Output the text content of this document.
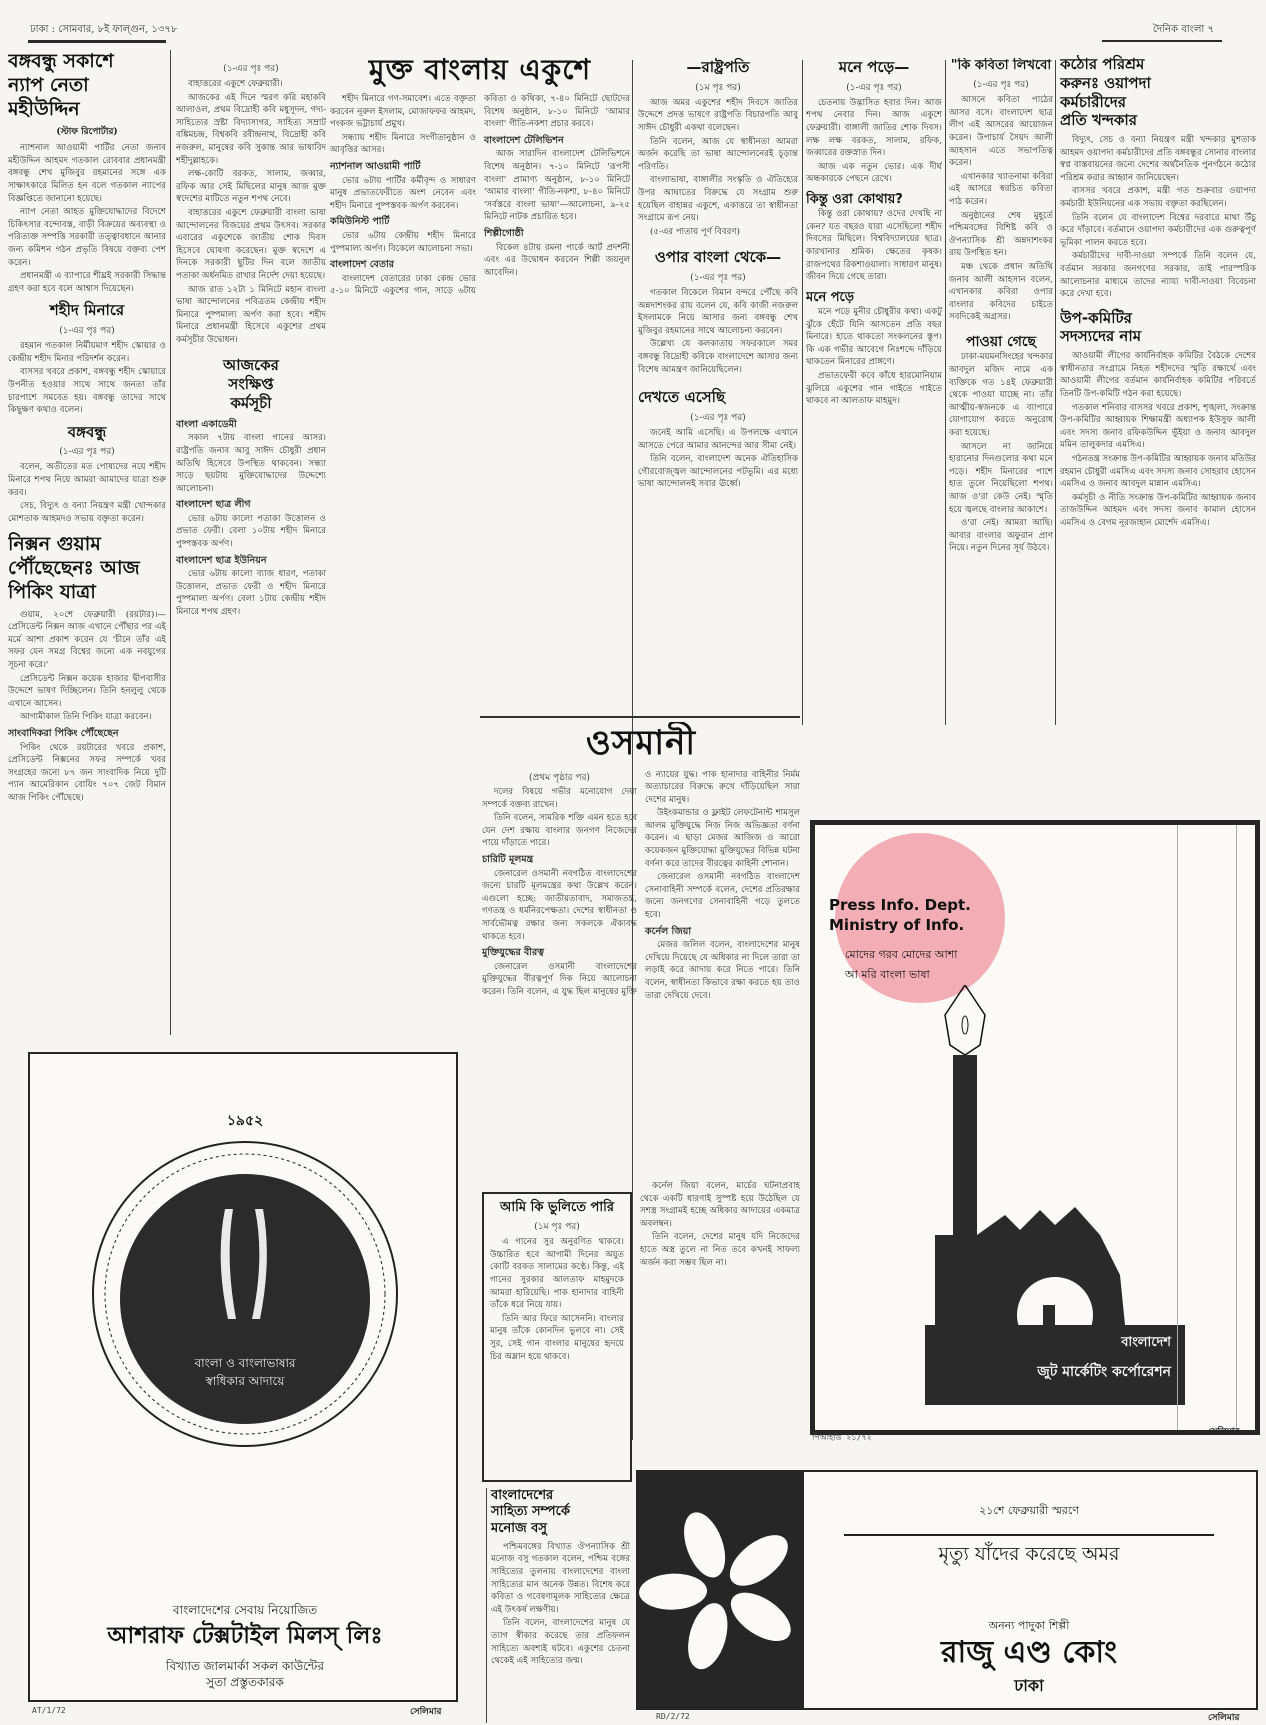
ঢাকা : সোমবার, ৮ই ফাল্গুন, ১৩৭৮	দৈনিক বাংলা ৭
বঙ্গবন্ধু সকাশে
ন্যাপ নেতা
মহীউদ্দিন
(স্টাফ রিপোর্টার)

ন্যাশনাল আওয়ামী পার্টির নেতা জনাব মহীউদ্দিন আহমদ গতকাল রোববার প্রধানমন্ত্রী বঙ্গবন্ধু শেখ মুজিবুর রহমানের সঙ্গে এক সাক্ষাৎকারে মিলিত হন বলে গতকাল ন্যাপের বিজ্ঞপ্তিতে জানানো হয়েছে।

ন্যাপ নেতা আহত মুক্তিযোদ্ধাদের বিদেশে চিকিৎসার বন্দোবস্ত, বাড়ী বিক্রয়ের অব্যবস্থা ও পরিত্যক্ত সম্পত্তি সরকারী তত্ত্বাবধানে আনার জন্য কমিশন গঠন প্রভৃতি বিষয়ে বক্তব্য পেশ করেন।

প্রধানমন্ত্রী এ ব্যাপারে শীঘ্রই সরকারী সিদ্ধান্ত গ্রহণ করা হবে বলে আশ্বাস দিয়েছেন।

শহীদ মিনারে
(১-এর পৃঃ পর)

রহমান গতকাল নির্মীয়মাণ শহীদ স্কোয়ার ও কেন্দ্রীয় শহীদ মিনার পরিদর্শন করেন।

বাসসর খবরে প্রকাশ, বঙ্গবন্ধু শহীদ স্কোয়ারে উপনীত হওয়ার সাথে সাথে জনতা তাঁর চারপাশে সমবেত হয়। বঙ্গবন্ধু তাদের সাথে কিছুক্ষণ কথাও বলেন।

বঙ্গবন্ধু
(১-এর পৃঃ পর)

বলেন, অতীতের মত পোষ্যদের নয়ে শহীদ মিনারে শপথ নিয়ে আমরা আমাদের যাত্রা শুরু করব।

সেচ, বিদ্যুৎ ও বন্যা নিয়ন্ত্রণ মন্ত্রী খোন্দকার মোশতাক আহমদও সভায় বক্তৃতা করেন।

নিক্সন গুয়াম
পৌঁছেছেনঃ আজ
পিকিং যাত্রা

গুয়াম, ২০শে ফেব্রুয়ারী (রয়টার)।— প্রেসিডেন্ট নিক্সন আজ এখানে পৌঁছার পর এই মর্মে আশা প্রকাশ করেন যে 'চীনে তাঁর এই সফর যেন সমগ্র বিশ্বের জন্যে এক নবযুগের সূচনা করে।'

প্রেসিডেন্ট নিক্সন কয়েক হাজার দ্বীপবাসীর উদ্দেশে ভাষণ দিচ্ছিলেন। তিনি হনলুলু থেকে এখানে আসেন।

আগামীকাল তিনি পিকিং যাত্রা করবেন।

সাংবাদিকরা পিকিং পৌঁছেছেন

পিকিং থেকে রয়টারের খবরে প্রকাশ, প্রেসিডেন্ট নিক্সনের সফর সম্পর্কে খবর সংগ্রহের জন্যে ৮৭ জন সাংবাদিক নিয়ে দুটি প্যান আমেরিকান বোয়িং ৭০৭ জেট বিমান আজ পিকিং পৌঁছেছে।

(১-এর পৃঃ পর)

বাহাত্তরের একুশে ফেব্রুয়ারী।

আজকের এই দিনে স্মরণ করি মহাকবি আলাওল, প্রথম বিদ্রোহী কবি মধুসূদন, গদ্য-সাহিত্যের স্রষ্টা বিদ্যাসাগর, সাহিত্য সম্রাট বঙ্কিমচন্দ্র, বিশ্বকবি রবীন্দ্রনাথ, বিদ্রোহী কবি নজরুল, মানুষের কবি সুকান্ত আর ভাষাবিদ শহীদুল্লাহকে।

লক্ষ-কোটি বরকত, সালাম, জব্বার, রফিক আর সেই মিছিলের মানুষ আজ মুক্ত স্বদেশের মাটিতে নতুন শপথ নেবে।

বাহাত্তরের একুশে ফেব্রুয়ারী বাংলা ভাষা আন্দোলনের বিজয়ের প্রথম উৎসব। সরকার এবারের একুশেকে জাতীয় শোক দিবস হিসেবে ঘোষণা করেছেন। মুক্ত স্বদেশে এ দিনকে সরকারী ছুটির দিন বলে জাতীয় পতাকা অর্ধনমিত রাখার নির্দেশ দেয়া হয়েছে।

আজ রাত ১২টা ১ মিনিটে মহান বাংলা ভাষা আন্দোলনের পবিত্রতম কেন্দ্রীয় শহীদ মিনারে পুষ্পমাল্য অর্পণ করা হবে। শহীদ মিনারে প্রধানমন্ত্রী হিসেবে একুশের প্রথম কর্মসূচীর উদ্বোধন।

আজকের
সংক্ষিপ্ত
কর্মসূচী
বাংলা একাডেমী

সকাল ৭টায় বাংলা গানের আসর। রাষ্ট্রপতি জনাব আবু সাঈদ চৌধুরী প্রধান অতিথি হিসেবে উপস্থিত থাকবেন। সন্ধ্যা সাড়ে ছয়টায় মুক্তিযোদ্ধাদের উদ্দেশ্যে আলোচনা।

বাংলাদেশ ছাত্র লীগ

ভোর ৬টায় কালো পতাকা উত্তোলন ও প্রভাত ফেরী। বেলা ১০টায় শহীদ মিনারে পুষ্পস্তবক অর্পণ।

বাংলাদেশ ছাত্র ইউনিয়ন

ভোর ৬টায় কালো ব্যাজ ধারণ, পতাকা উত্তোলন, প্রভাত ফেরী ও শহীদ মিনারে পুষ্পমাল্য অর্পণ। বেলা ১টায় কেন্দ্রীয় শহীদ মিনারে শপথ গ্রহণ।

মুক্ত বাংলায় একুশে

শহীদ মিনারে গণ-সমাবেশ। এতে বক্তৃতা করবেন নূরুল ইসলাম, মোজাফফর আহমদ, পংকজ ভট্টাচার্য প্রমুখ।

সন্ধ্যায় শহীদ মিনারে সংগীতানুষ্ঠান ও আবৃত্তির আসর।

ন্যাশনাল আওয়ামী পার্টি

ভোর ৬টায় পার্টির কর্মীবৃন্দ ও সাধারণ মানুষ প্রভাতফেরীতে অংশ নেবেন এবং শহীদ মিনারে পুষ্পস্তবক অর্পণ করবেন।

কমিউনিস্ট পার্টি

ভোর ৬টায় কেন্দ্রীয় শহীদ মিনারে পুষ্পমাল্য অর্পণ। বিকেলে আলোচনা সভা।

বাংলাদেশ বেতার

বাংলাদেশ বেতারের ঢাকা কেন্দ্র ভোর ৫-১০ মিনিটে একুশের গান, সাড়ে ৬টায় কবিতা ও কথিকা, ৭-৪০ মিনিটে ছোটদের বিশেষ অনুষ্ঠান, ৮-১০ মিনিটে 'আমার বাংলা' গীতি-নকশা প্রচার করবে।

বাংলাদেশ টেলিভিশন

আজ সারাদিন বাংলাদেশ টেলিভিশনে বিশেষ অনুষ্ঠান। ৭-১০ মিনিটে 'রূপসী বাংলা' প্রামাণ্য অনুষ্ঠান, ৮-১০ মিনিটে 'আমার বাংলা' গীতি-নকশা, ৮-৪০ মিনিটে 'সর্বস্তরে বাংলা ভাষা'—আলোচনা, ৯-২৫ মিনিটে নাটক প্রচারিত হবে।

শিল্পীগোষ্ঠী

বিকেল ৪টায় রমনা পার্কে আর্ট প্রদর্শনী এবং এর উদ্বোধন করবেন শিল্পী জয়নুল আবেদিন।

—রাষ্ট্রপতি
(১ম পৃঃ পর)

আজ অমর একুশের শহীদ দিবসে জাতির উদ্দেশে প্রদত্ত ভাষণে রাষ্ট্রপতি বিচারপতি আবু সাঈদ চৌধুরী একথা বলেছেন।

তিনি বলেন, আজ যে স্বাধীনতা আমরা অর্জন করেছি তা ভাষা আন্দোলনেরই চূড়ান্ত পরিণতি।

বাংলাভাষা, বাঙ্গালীর সংস্কৃতি ও ঐতিহ্যের উপর আঘাতের বিরুদ্ধে যে সংগ্রাম শুরু হয়েছিল বাহান্নর একুশে, একাত্তরে তা স্বাধীনতা সংগ্রামে রূপ নেয়।

(৫-এর পাতায় পূর্ণ বিবরণ)

ওপার বাংলা থেকে—
(১-এর পৃঃ পর)

গতকাল বিকেলে বিমান বন্দরে পৌঁছে কবি অন্নদাশংকর রায় বলেন যে, কবি কাজী নজরুল ইসলামকে নিয়ে আসার জন্য বঙ্গবন্ধু শেখ মুজিবুর রহমানের সাথে আলোচনা করবেন।

উল্লেখ্য যে কলকাতায় সফরকালে সমর বঙ্গবন্ধু বিদ্রোহী কবিকে বাংলাদেশে আসার জন্য বিশেষ আমন্ত্রণ জানিয়েছিলেন।

দেখতে এসেছি
(১-এর পৃঃ পর)

জনেই আমি এসেছি। এ উপলক্ষে এখানে আসতে পেরে আমার আনন্দের আর সীমা নেই।

তিনি বলেন, বাংলাদেশ অনেক ঐতিহাসিক গৌরবোজ্জ্বল আন্দোলনের পটভূমি। এর মধ্যে ভাষা আন্দোলনই সবার ঊর্ধ্বে।

মনে পড়ে—
(১-এর পৃঃ পর)

চেতনায় উদ্ভাসিত হবার দিন। আজ শপথ নেবার দিন। আজ একুশে ফেব্রুয়ারী। বাঙ্গালী জাতির শোক দিবস। লক্ষ লক্ষ বরকত, সালাম, রফিক, জব্বারের রক্তস্নাত দিন।

আজ এক নতুন ভোর। এক দীর্ঘ অন্ধকারকে পেছনে রেখে।

কিন্তু ওরা কোথায়?

কিন্তু ওরা কোথায়? ওদের দেখছি না কেন? যত বছরও যারা এসেছিলো শহীদ দিবসের মিছিলে। বিশ্ববিদ্যালয়ের ছাত্র। কারখানার শ্রমিক। ক্ষেতের কৃষক। রাজপথের রিকশাওয়ালা। সাধারণ মানুষ। জীবন দিয়ে গেছে তারা।

মনে পড়ে

মনে পড়ে মুনীর চৌধুরীর কথা। একটু ঝুঁকে হেঁটে যিনি আসতেন প্রতি বছর মিনারে। হাতে থাকতো সংকলনের স্তূপ। কি এক গভীর আবেগে নিঃশব্দে দাঁড়িয়ে থাকতেন মিনারের প্রাঙ্গণে।

প্রভাতফেরী কবে কাঁধে হারমোনিয়াম ঝুলিয়ে একুশের গান গাইতে গাইতে থাকবে না আলতাফ মাহমুদ।

"কি কবিতা লিখবো
(১-এর পৃঃ পর)

আসনে কবিতা পাঠের আসর বসে। বাংলাদেশ ছাত্র লীগ এই আসরের আয়োজন করেন। উপাচার্য সৈয়দ আলী আহসান এতে সভাপতিত্ব করেন।

এখানকার খ্যাতনামা কবিরা এই আসরে স্বরচিত কবিতা পাঠ করেন।

অনুষ্ঠানের শেষ মুহূর্তে পশ্চিমবঙ্গের বিশিষ্ট কবি ও ঔপন্যাসিক শ্রী অন্নদাশংকর রায় উপস্থিত হন।

মঞ্চ থেকে প্রধান অতিথি জনাব আলী আহসান বলেন, এখানকার কবিরা ওপার বাংলার কবিদের চাইতে সবদিকেই অগ্রসর।

পাওয়া গেছে

ঢাকা-ময়মনসিংহের খন্দকার আবদুল মজিদ নামে এক ব্যক্তিকে গত ১৪ই ফেব্রুয়ারী থেকে পাওয়া যাচ্ছে না। তাঁর আত্মীয়-স্বজনকে এ ব্যাপারে যোগাযোগ করতে অনুরোধ করা হয়েছে।

আসলে না জানিয়ে হারানোর দিনগুলোর কথা মনে পড়ে। শহীদ মিনারের পাশে হাত তুলে নিয়েছিলো শপথ। আজ ও'রা কেউ নেই। স্মৃতি হয়ে জ্বলছে বাংলার আকাশে।

ও'রা নেই। আমরা আছি। আবার বাংলার অফুরান প্রাণ নিয়ে। নতুন দিনের সূর্য উঠবে।

কঠোর পরিশ্রম
করুনঃ ওয়াপদা
কর্মচারীদের
প্রতি খন্দকার

বিদ্যুৎ, সেচ ও বন্যা নিয়ন্ত্রণ মন্ত্রী খন্দকার মুশতাক আহমদ ওয়াপদা কর্মচারীদের প্রতি বঙ্গবন্ধুর সোনার বাংলার স্বপ্ন বাস্তবায়নের জন্যে দেশের অর্থনৈতিক পুনর্গঠনে কঠোর পরিশ্রম করার আহ্বান জানিয়েছেন।

বাসসর খবরে প্রকাশ, মন্ত্রী গত শুক্রবার ওয়াপদা কর্মচারী ইউনিয়নের এক সভায় বক্তৃতা করছিলেন।

তিনি বলেন যে বাংলাদেশ বিশ্বের দরবারে মাথা উঁচু করে দাঁড়াবে। বর্তমানে ওয়াপদা কর্মচারীদের এক গুরুত্বপূর্ণ ভূমিকা পালন করতে হবে।

কর্মচারীদের দাবী-দাওয়া সম্পর্কে তিনি বলেন যে, বর্তমান সরকার জনগণের সরকার, তাই পারস্পরিক আলোচনার মাধ্যমে তাদের ন্যায্য দাবী-দাওয়া বিবেচনা করে দেখা হবে।

উপ-কমিটির
সদস্যদের নাম

আওয়ামী লীগের কার্যনির্বাহক কমিটির বৈঠকে দেশের স্বাধীনতার সংগ্রামে নিহত শহীদদের স্মৃতি রক্ষার্থে এবং আওয়ামী লীগের বর্তমান কার্যনির্বাহক কমিটির পরিবর্তে তিনটি উপ-কমিটি গঠন করা হয়েছে।

গতকাল শনিবার বাসসর খবরে প্রকাশ, শৃঙ্খলা, সংক্রান্ত উপ-কমিটির আহ্বায়ক শিক্ষামন্ত্রী অধ্যাপক ইউসুফ আলী এবং সদস্য জনাব রফিকউদ্দিন ভূঁইয়া ও জনাব আবদুল মমিন তালুকদার এমসিএ।

গঠনতন্ত্র সংক্রান্ত উপ-কমিটির আহ্বায়ক জনাব মতিউর রহমান চৌধুরী এমসিএ এবং সদস্য জনাব সোহরাব হোসেন এমসিএ ও জনাব আবদুল মান্নান এমসিএ।

কর্মসূচী ও নীতি সংক্রান্ত উপ-কমিটির আহ্বায়ক জনাব তাজউদ্দিন আহমদ এবং সদস্য জনাব কামাল হোসেন এমসিএ ও বেগম নূরজাহান মোর্শেদ এমসিএ।

ওসমানী
(প্রথম পৃষ্ঠার পর)

দলের বিষয়ে গভীর মনোযোগ দেয়া সম্পর্কে বক্তব্য রাখেন।

তিনি বলেন, সামরিক শক্তি এমন হতে হবে যেন দেশ রক্ষায় বাংলার জনগণ নিজেদের পায়ে দাঁড়াতে পারে।

চারিটি মূলমন্ত্র

জেনারেল ওসমানী নবগঠিত বাংলাদেশের জন্যে চারটি মূলমন্ত্রের কথা উল্লেখ করেন। এগুলো হচ্ছে: জাতীয়তাবাদ, সমাজতন্ত্র, গণতন্ত্র ও ধর্মনিরপেক্ষতা। দেশের স্বাধীনতা ও সার্বভৌমত্ব রক্ষার জন্য সকলকে ঐক্যবদ্ধ থাকতে হবে।

মুক্তিযুদ্ধের বীরত্ব

জেনারেল ওসমানী বাংলাদেশের মুক্তিযুদ্ধের বীরত্বপূর্ণ দিক নিয়ে আলোচনা করেন। তিনি বলেন, এ যুদ্ধ ছিল মানুষের মুক্তি ও ন্যায়ের যুদ্ধ। পাক হানাদার বাহিনীর নির্মম অত্যাচারের বিরুদ্ধে রুখে দাঁড়িয়েছিল সারা দেশের মানুষ।

উইংকমান্ডার ও ফ্লাইট লেফটেনান্ট শামসুল আলম মুক্তিযুদ্ধে নিজ নিজ অভিজ্ঞতা বর্ণনা করেন। এ ছাড়া মেজর আজিজ ও আরো কয়েকজন মুক্তিযোদ্ধা মুক্তিযুদ্ধের বিভিন্ন ঘটনা বর্ণনা করে তাদের বীরত্বের কাহিনী শোনান।

জেনারেল ওসমানী নবগঠিত বাংলাদেশ সেনাবাহিনী সম্পর্কে বলেন, দেশের প্রতিরক্ষার জন্যে জনগণের সেনাবাহিনী গড়ে তুলতে হবে।

কর্নেল জিয়া

মেজর জলিল বলেন, বাংলাদেশের মানুষ দেখিয়ে দিয়েছে যে অধিকার না দিলে তারা তা লড়াই করে আদায় করে নিতে পারে। তিনি বলেন, স্বাধীনতা কিভাবে রক্ষা করতে হয় তাও তারা দেখিয়ে দেবে।

কর্নেল জিয়া বলেন, মার্চের ঘটনাপ্রবাহ থেকে একটি ধারণাই সুস্পষ্ট হয়ে উঠেছিল যে সশস্ত্র সংগ্রামই হচ্ছে অধিকার আদায়ের একমাত্র অবলম্বন।

তিনি বলেন, দেশের মানুষ যদি নিজেদের হাতে অস্ত্র তুলে না নিত তবে কখনই সাফল্য অর্জন করা সম্ভব ছিল না।

আমি কি ভুলিতে পারি
(১ম পৃঃ পর)

এ গানের সুর অনুরণিত থাকবে। উচ্চারিত হবে আগামী দিনের অযুত কোটি বরকত সালামের কণ্ঠে। কিন্তু, এই গানের সুরকার আলতাফ মাহমুদকে আমরা হারিয়েছি। পাক হানাদার বাহিনী তাঁকে ধরে নিয়ে যায়।

তিনি আর ফিরে আসেননি। বাংলার মানুষ তাঁকে কোনদিন ভুলবে না। সেই সুর, সেই গান বাংলার মানুষের হৃদয়ে চির অম্লান হয়ে থাকবে।

বাংলাদেশের
সাহিত্য সম্পর্কে
মনোজ বসু

পশ্চিমবঙ্গের বিখ্যাত ঔপন্যাসিক শ্রী মনোজ বসু গতকাল বলেন, পশ্চিম বঙ্গের সাহিত্যের তুলনায় বাংলাদেশের বাংলা সাহিত্যের মান অনেক উন্নত। বিশেষ করে কবিতা ও গবেষণামূলক সাহিত্যের ক্ষেত্রে এই উৎকর্ষ লক্ষণীয়।

তিনি বলেন, বাংলাদেশের মানুষ যে ত্যাগ স্বীকার করেছে তার প্রতিফলন সাহিত্যে অবশ্যই ঘটবে। একুশের চেতনা থেকেই এই সাহিত্যের জন্ম।

Press Info. Dept.
Ministry of Info.
মোদের গরব মোদের আশা
আ মরি বাংলা ভাষা
বাংলাদেশ
জুট মার্কেটিং কর্পোরেশন
পিআইডি ২১/৭২
সেলিমার
১৯৫২
বাংলা ও বাংলাভাষার
স্বাধিকার আদায়ে
বাংলাদেশের সেবায় নিয়োজিত
আশরাফ টেক্সটাইল মিলস্‌ লিঃ
বিখ্যাত জালমার্কা সকল কাউন্টের
সুতা প্রস্তুতকারক
AT/1/72	সেলিমার
২১শে ফেব্রুয়ারী স্মরণে
মৃত্যু যাঁদের করেছে অমর
অনন্য পাদুকা শিল্পী
রাজু এণ্ড কোং
ঢাকা
RD/2/72	সেলিমার
